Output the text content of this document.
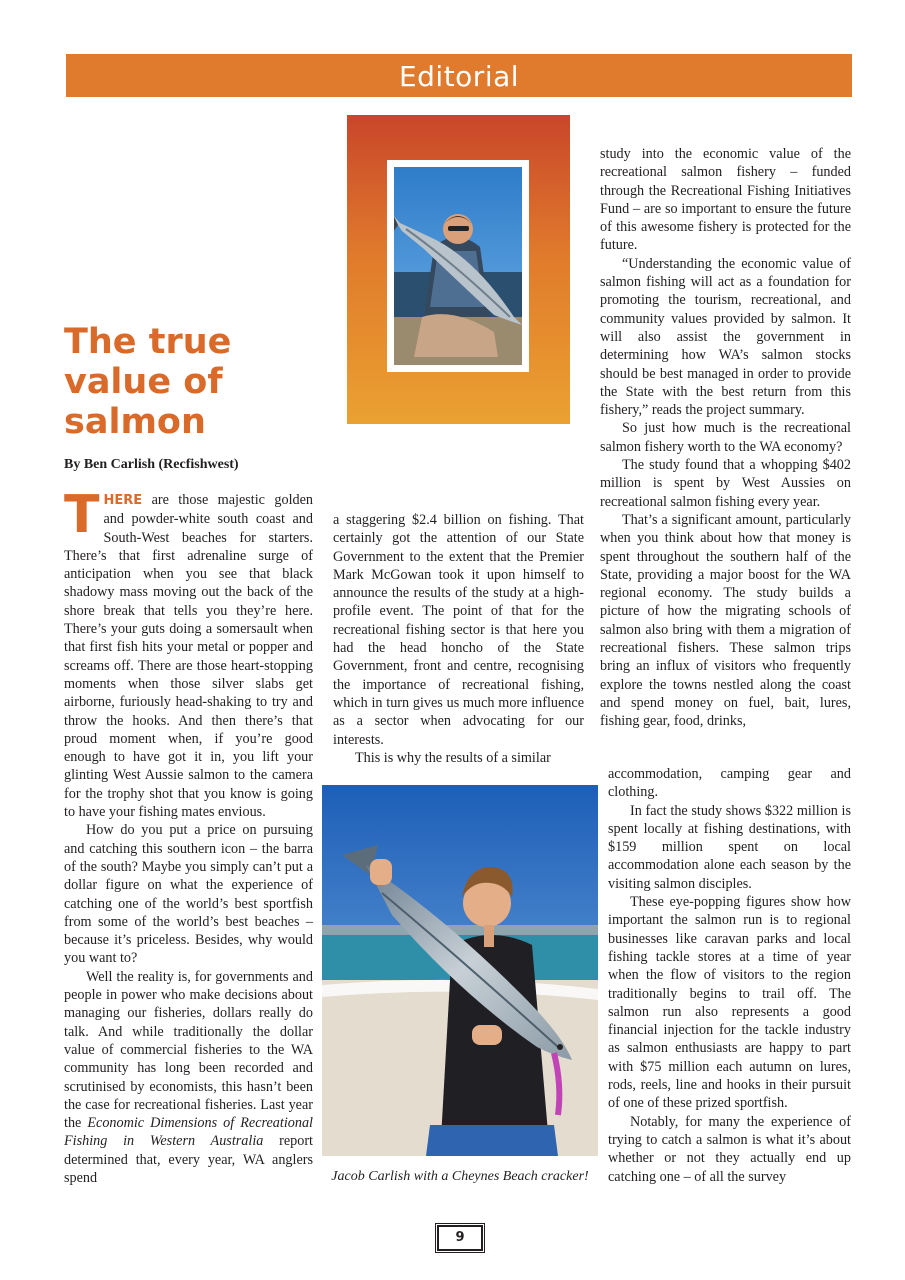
Editorial
The true value of salmon
By Ben Carlish (Recfishwest)

THERE are those majestic golden and powder-white south coast and South-West beaches for starters. There’s that first adrenaline surge of anticipation when you see that black shadowy mass moving out the back of the shore break that tells you they’re here. There’s your guts doing a somersault when that first fish hits your metal or popper and screams off. There are those heart-stopping moments when those silver slabs get airborne, furiously head-shaking to try and throw the hooks. And then there’s that proud moment when, if you’re good enough to have got it in, you lift your glinting West Aussie salmon to the camera for the trophy shot that you know is going to have your fishing mates envious.

How do you put a price on pursuing and catching this southern icon – the barra of the south? Maybe you simply can’t put a dollar figure on what the experience of catching one of the world’s best sportfish from some of the world’s best beaches – because it’s priceless. Besides, why would you want to?

Well the reality is, for governments and people in power who make decisions about managing our fisheries, dollars really do talk. And while traditionally the dollar value of commercial fisheries to the WA community has long been recorded and scrutinised by economists, this hasn’t been the case for recreational fisheries. Last year the Economic Dimensions of Recreational Fishing in Western Australia report determined that, every year, WA anglers spend

a staggering $2.4 billion on fishing. That certainly got the attention of our State Government to the extent that the Premier Mark McGowan took it upon himself to announce the results of the study at a high-profile event. The point of that for the recreational fishing sector is that here you had the head honcho of the State Government, front and centre, recognising the importance of recreational fishing, which in turn gives us much more influence as a sector when advocating for our interests.

This is why the results of a similar

Jacob Carlish with a Cheynes Beach cracker!

study into the economic value of the recreational salmon fishery – funded through the Recreational Fishing Initiatives Fund – are so important to ensure the future of this awesome fishery is protected for the future.

“Understanding the economic value of salmon fishing will act as a foundation for promoting the tourism, recreational, and community values provided by salmon. It will also assist the government in determining how WA’s salmon stocks should be best managed in order to provide the State with the best return from this fishery,” reads the project summary.

So just how much is the recreational salmon fishery worth to the WA economy?

The study found that a whopping $402 million is spent by West Aussies on recreational salmon fishing every year.

That’s a significant amount, particularly when you think about how that money is spent throughout the southern half of the State, providing a major boost for the WA regional economy. The study builds a picture of how the migrating schools of salmon also bring with them a migration of recreational fishers. These salmon trips bring an influx of visitors who frequently explore the towns nestled along the coast and spend money on fuel, bait, lures, fishing gear, food, drinks,

accommodation, camping gear and clothing.

In fact the study shows $322 million is spent locally at fishing destinations, with $159 million spent on local accommodation alone each season by the visiting salmon disciples.

These eye-popping figures show how important the salmon run is to regional businesses like caravan parks and local fishing tackle stores at a time of year when the flow of visitors to the region traditionally begins to trail off. The salmon run also represents a good financial injection for the tackle industry as salmon enthusiasts are happy to part with $75 million each autumn on lures, rods, reels, line and hooks in their pursuit of one of these prized sportfish.

Notably, for many the experience of trying to catch a salmon is what it’s about whether or not they actually end up catching one – of all the survey

9
